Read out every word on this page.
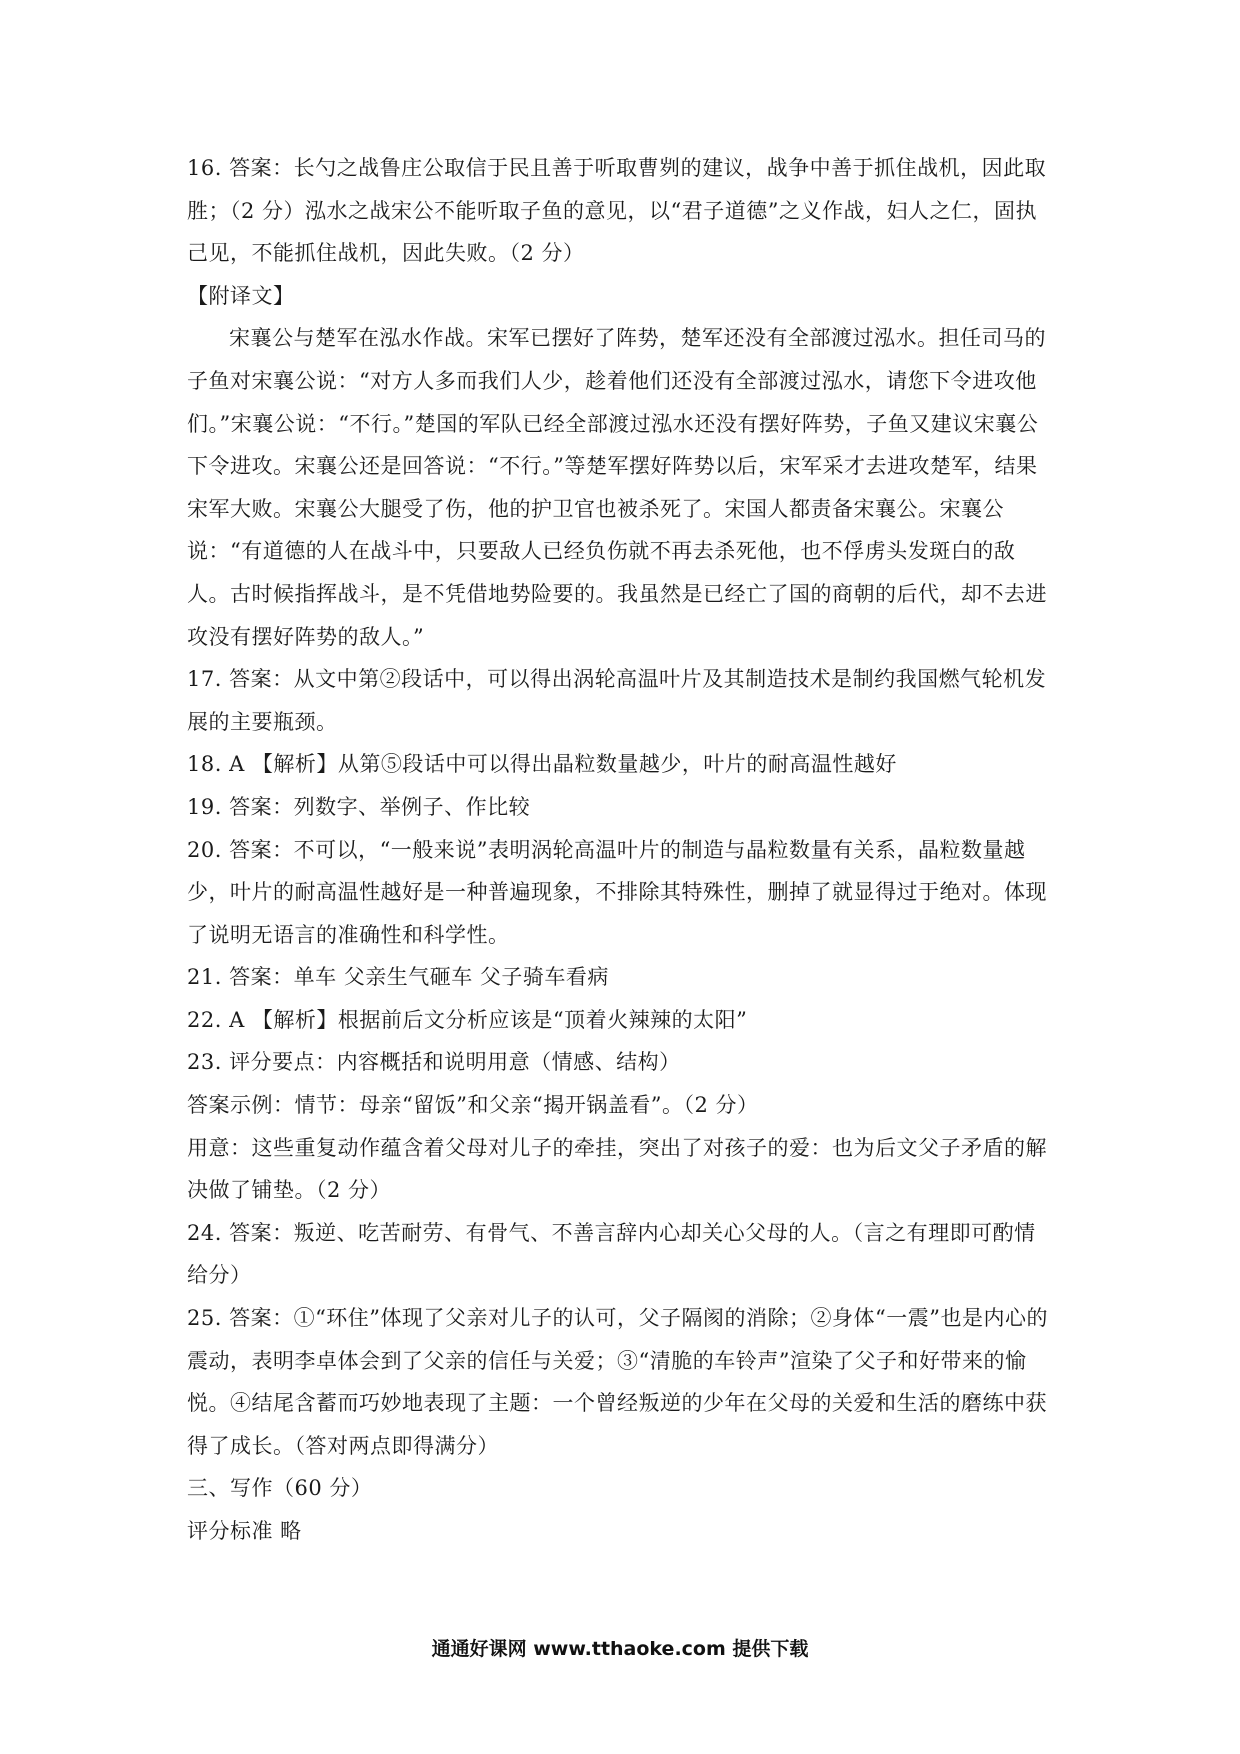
16. 答案：长勺之战鲁庄公取信于民且善于听取曹刿的建议，战争中善于抓住战机，因此取胜；（2 分）泓水之战宋公不能听取子鱼的意见，以“君子道德”之义作战，妇人之仁，固执己见，不能抓住战机，因此失败。（2 分）

【附译文】

宋襄公与楚军在泓水作战。宋军已摆好了阵势，楚军还没有全部渡过泓水。担任司马的子鱼对宋襄公说：“对方人多而我们人少，趁着他们还没有全部渡过泓水，请您下令进攻他们。”宋襄公说：“不行。”楚国的军队已经全部渡过泓水还没有摆好阵势，子鱼又建议宋襄公下令进攻。宋襄公还是回答说：“不行。”等楚军摆好阵势以后，宋军采才去进攻楚军，结果宋军大败。宋襄公大腿受了伤，他的护卫官也被杀死了。宋国人都责备宋襄公。宋襄公说：“有道德的人在战斗中，只要敌人已经负伤就不再去杀死他，也不俘虏头发斑白的敌人。古时候指挥战斗，是不凭借地势险要的。我虽然是已经亡了国的商朝的后代，却不去进攻没有摆好阵势的敌人。”

17. 答案：从文中第②段话中，可以得出涡轮高温叶片及其制造技术是制约我国燃气轮机发展的主要瓶颈。

18. A 【解析】从第⑤段话中可以得出晶粒数量越少，叶片的耐高温性越好

19. 答案：列数字、举例子、作比较

20. 答案：不可以，“一般来说”表明涡轮高温叶片的制造与晶粒数量有关系，晶粒数量越少，叶片的耐高温性越好是一种普遍现象，不排除其特殊性，删掉了就显得过于绝对。体现了说明无语言的准确性和科学性。

21. 答案：单车 父亲生气砸车 父子骑车看病

22. A 【解析】根据前后文分析应该是“顶着火辣辣的太阳”

23. 评分要点：内容概括和说明用意（情感、结构）

答案示例：情节：母亲“留饭”和父亲“揭开锅盖看”。（2 分）

用意：这些重复动作蕴含着父母对儿子的牵挂，突出了对孩子的爱：也为后文父子矛盾的解决做了铺垫。（2 分）

24. 答案：叛逆、吃苦耐劳、有骨气、不善言辞内心却关心父母的人。（言之有理即可酌情给分）

25. 答案：①“环住”体现了父亲对儿子的认可，父子隔阂的消除；②身体“一震”也是内心的震动，表明李卓体会到了父亲的信任与关爱；③“清脆的车铃声”渲染了父子和好带来的愉悦。④结尾含蓄而巧妙地表现了主题：一个曾经叛逆的少年在父母的关爱和生活的磨练中获得了成长。（答对两点即得满分）

三、写作（60 分）

评分标准 略

通通好课网 www.tthaoke.com 提供下载
